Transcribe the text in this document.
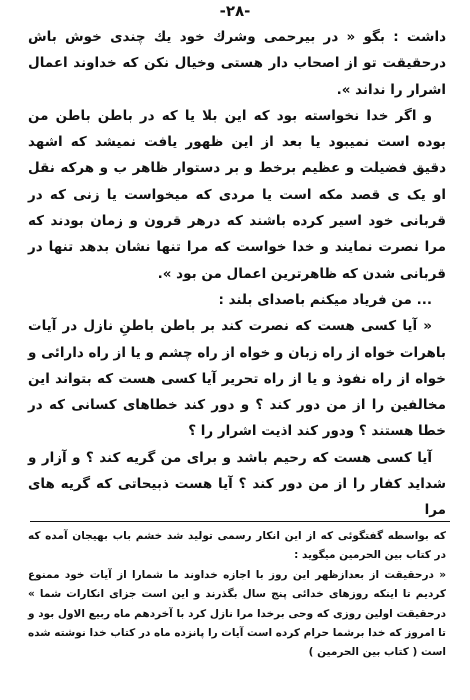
-۲۸-

داشت : بگو « در بیرحمی وشرك خود یك چندی خوش باش درحقیقت تو از اصحاب دار هستی وخیال نکن که خداوند اعمال اشرار را نداند ».

و اگر خدا نخواسته بود که این بلا یا که در باطن باطن من بوده است نمیبود یا بعد از این ظهور یافت نمیشد که اشهد دقیق فضیلت و عظیم برخط و بر دستوار ظاهر ب و هرکه نقل او یک ی قصد مکه است یا مردی که میخواست یا زنی که در قربانی خود اسیر کرده باشند که درهر قرون و زمان بودند که مرا نصرت نمایند و خدا خواست که مرا تنها نشان بدهد تنها در قربانی شدن که ظاهرترین اعمال من بود ».

... من فریاد میکنم باصدای بلند :

« آیا کسی هست که نصرت کند بر باطن باطنِ نازل در آیات باهرات خواه از راه زبان و خواه از راه چشم و یا از راه دارائی و خواه از راه نفوذ و یا از راه تحریر آیا کسی هست که بتواند این مخالفین را از من دور کند ؟ و دور کند خطاهای کسانی که در خطا هستند ؟ ودور کند اذیت اشرار را ؟

آیا کسی هست که رحیم باشد و برای من گریه کند ؟ و آزار و شداید کفار را از من دور کند ؟ آیا هست ذبیحاتی که گریه های مرا

که بواسطه گفتگوئی که از این انکار رسمی تولید شد خشم باب بهیجان آمده که در کتاب بین الحرمین میگوید :

« درحقیقت از بعدازظهر این روز با اجازه خداوند ما شمارا از آیات خود ممنوع کردیم تا اینکه روزهای خدائی پنج سال بگذرند و این است جزای انکارات شما » درحقیقت اولین روزی که وحی برخدا مرا نازل کرد با آخردهم ماه ربیع الاول بود و تا امروز که خدا برشما حرام کرده است آیات را پانزده ماه در کتاب خدا نوشته شده است ( کتاب بین الحرمین )
